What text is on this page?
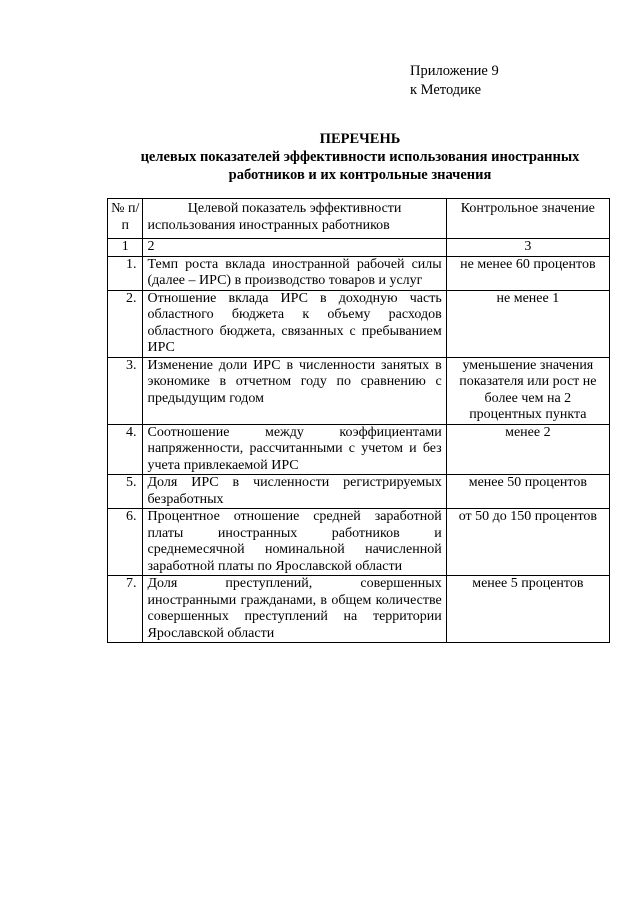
Приложение 9
к Методике
ПЕРЕЧЕНЬ
целевых показателей эффективности использования иностранных
работников и их контрольные значения
№ п/п	Целевой показатель эффективности использования иностранных работников	Контрольное значение
1	2	3
1.	Темп роста вклада иностранной рабочей силы (далее – ИРС) в производство товаров и услуг	не менее 60 процентов
2.	Отношение вклада ИРС в доходную часть областного бюджета к объему расходов областного бюджета, связанных с пребыванием ИРС	не менее 1
3.	Изменение доли ИРС в численности занятых в экономике в отчетном году по сравнению с предыдущим годом	уменьшение значения показателя или рост не более чем на 2 процентных пункта
4.	Соотношение между коэффициентами напряженности, рассчитанными с учетом и без учета привлекаемой ИРС	менее 2
5.	Доля ИРС в численности регистрируемых безработных	менее 50 процентов
6.	Процентное отношение средней заработной платы иностранных работников и среднемесячной номинальной начисленной заработной платы по Ярославской области	от 50 до 150 процентов
7.	Доля преступлений, совершенных иностранными гражданами, в общем количестве совершенных преступлений на территории Ярославской области	менее 5 процентов
